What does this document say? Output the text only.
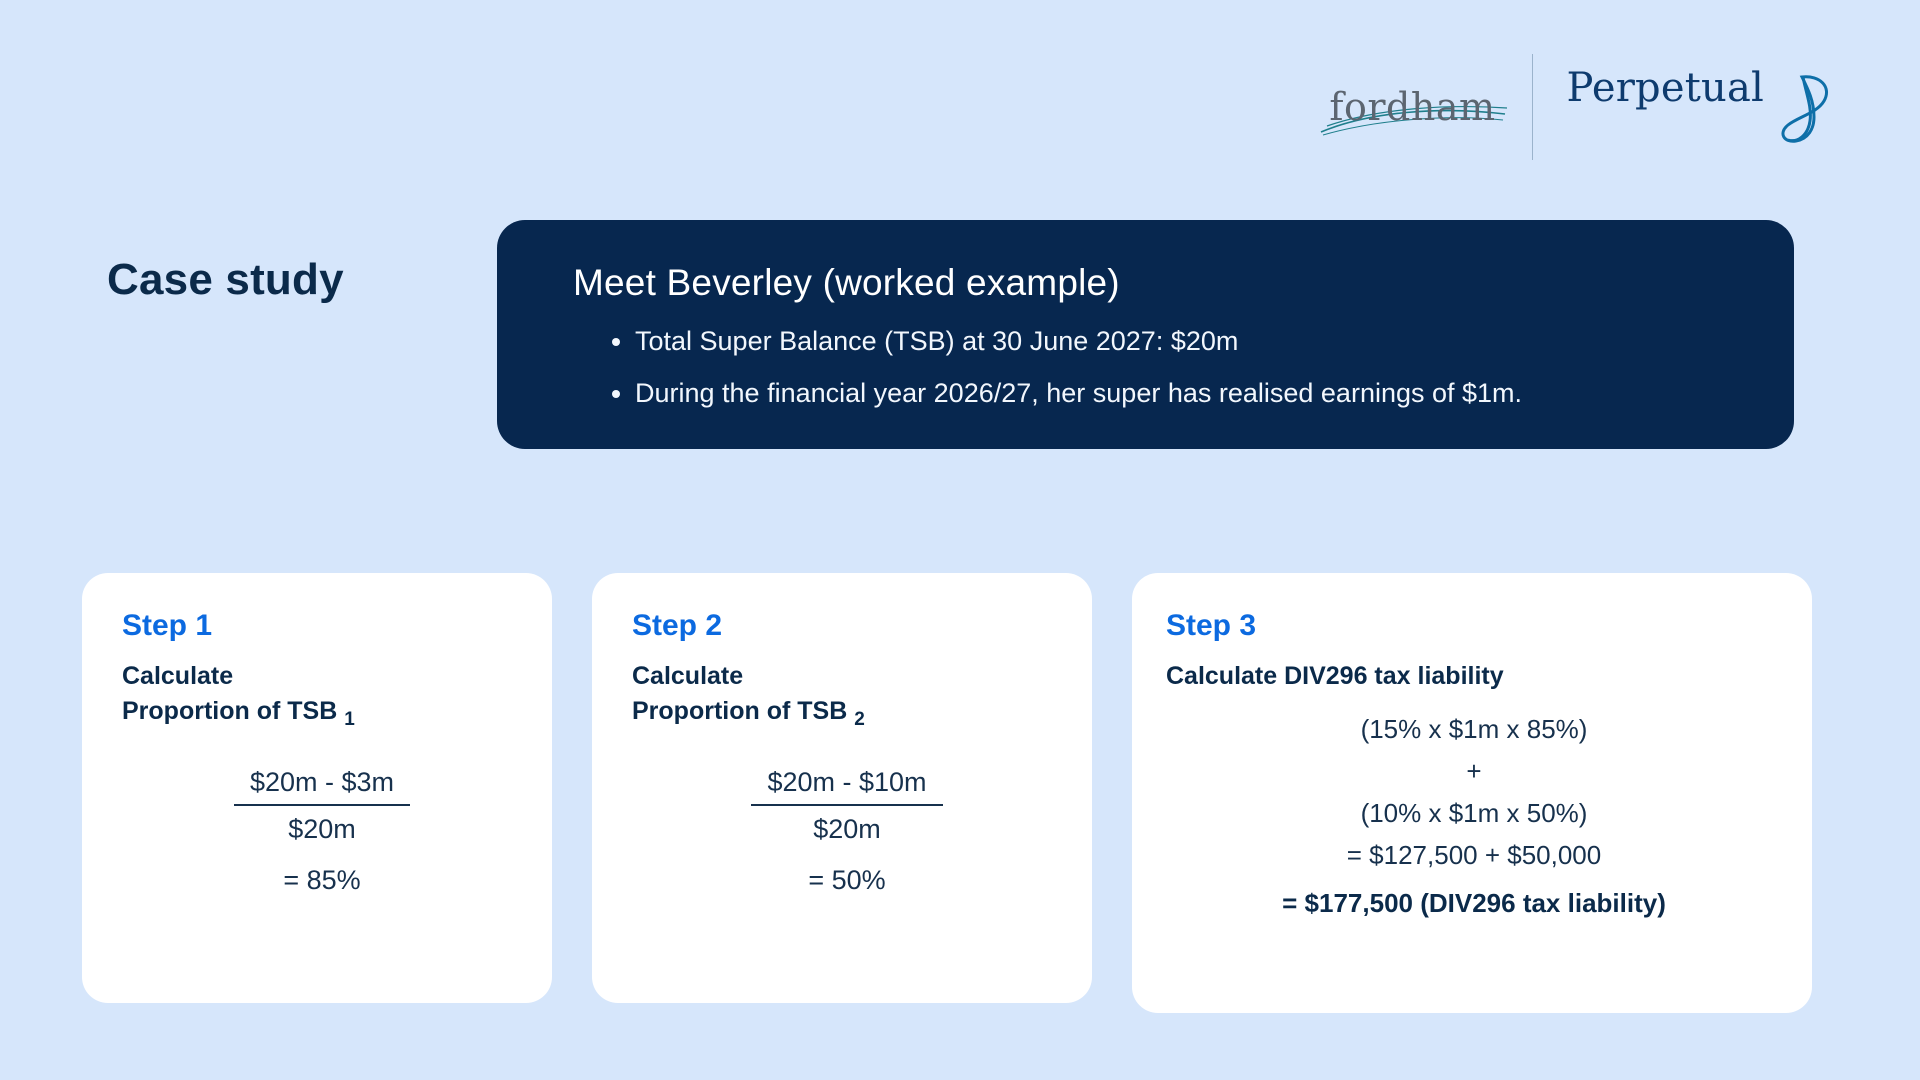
fordham Perpetual
Case study	Meet Beverley (worked example)
• Total Super Balance (TSB) at 30 June 2027: $20m
• During the financial year 2026/27, her super has realised earnings of $1m.
Step 1
Calculate
Proportion of TSB $_1$
$20m - $3m
$20m
= 85%
Step 2
Calculate
Proportion of TSB $_2$
$20m - $10m
$20m
= 50%
Step 3
Calculate DIV296 tax liability
(15% x $1m x 85%)
+
(10% x $1m x 50%)
= $127,500 + $50,000
= $177,500 (DIV296 tax liability)
